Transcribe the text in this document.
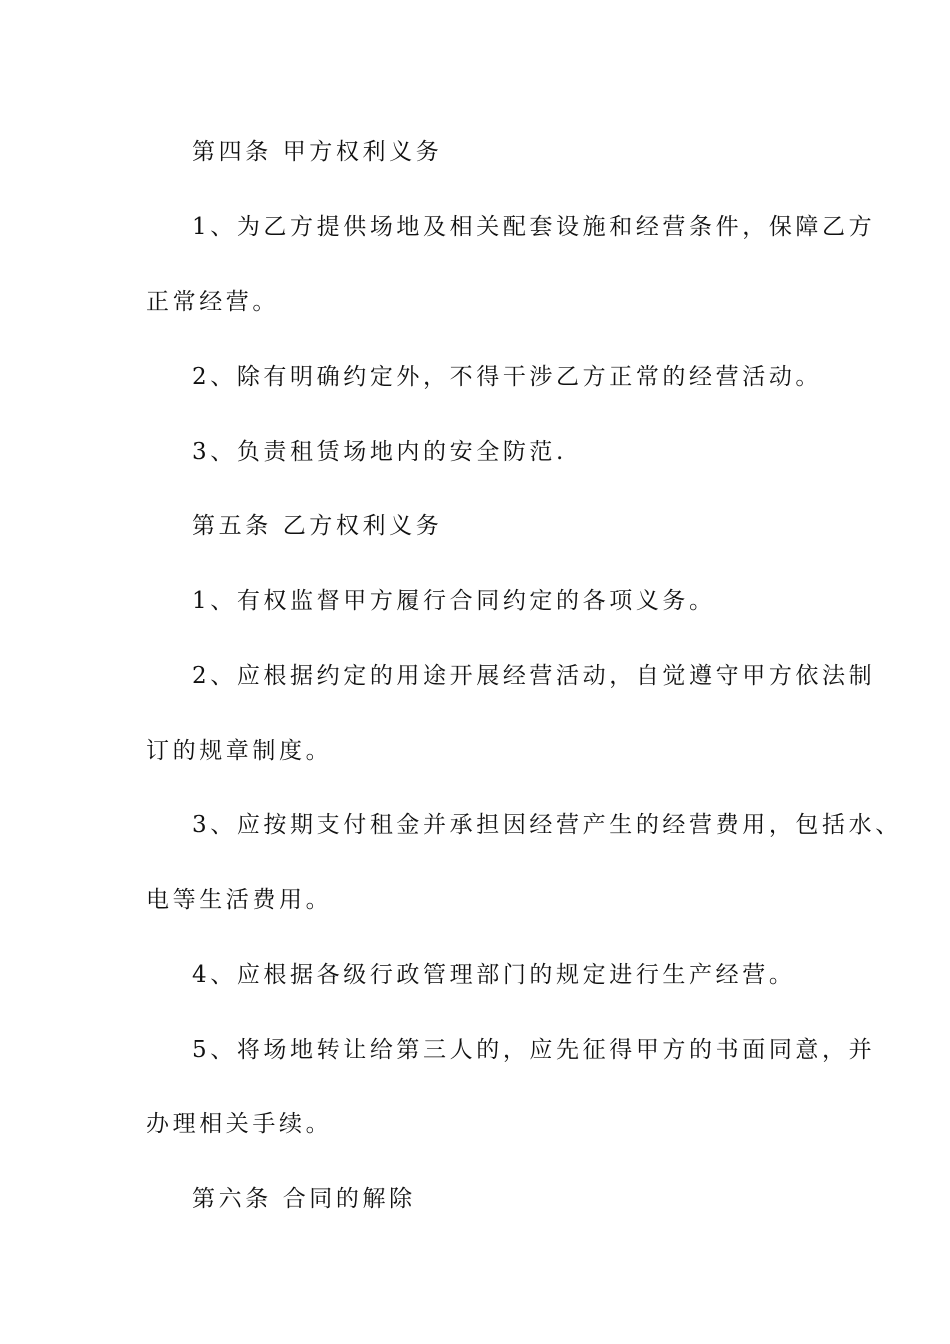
第四条 甲方权利义务
1、为乙方提供场地及相关配套设施和经营条件，保障乙方
正常经营。
2、除有明确约定外，不得干涉乙方正常的经营活动。
3、负责租赁场地内的安全防范.
第五条 乙方权利义务
1、有权监督甲方履行合同约定的各项义务。
2、应根据约定的用途开展经营活动，自觉遵守甲方依法制
订的规章制度。
3、应按期支付租金并承担因经营产生的经营费用，包括水、
电等生活费用。
4、应根据各级行政管理部门的规定进行生产经营。
5、将场地转让给第三人的，应先征得甲方的书面同意，并
办理相关手续。
第六条 合同的解除
